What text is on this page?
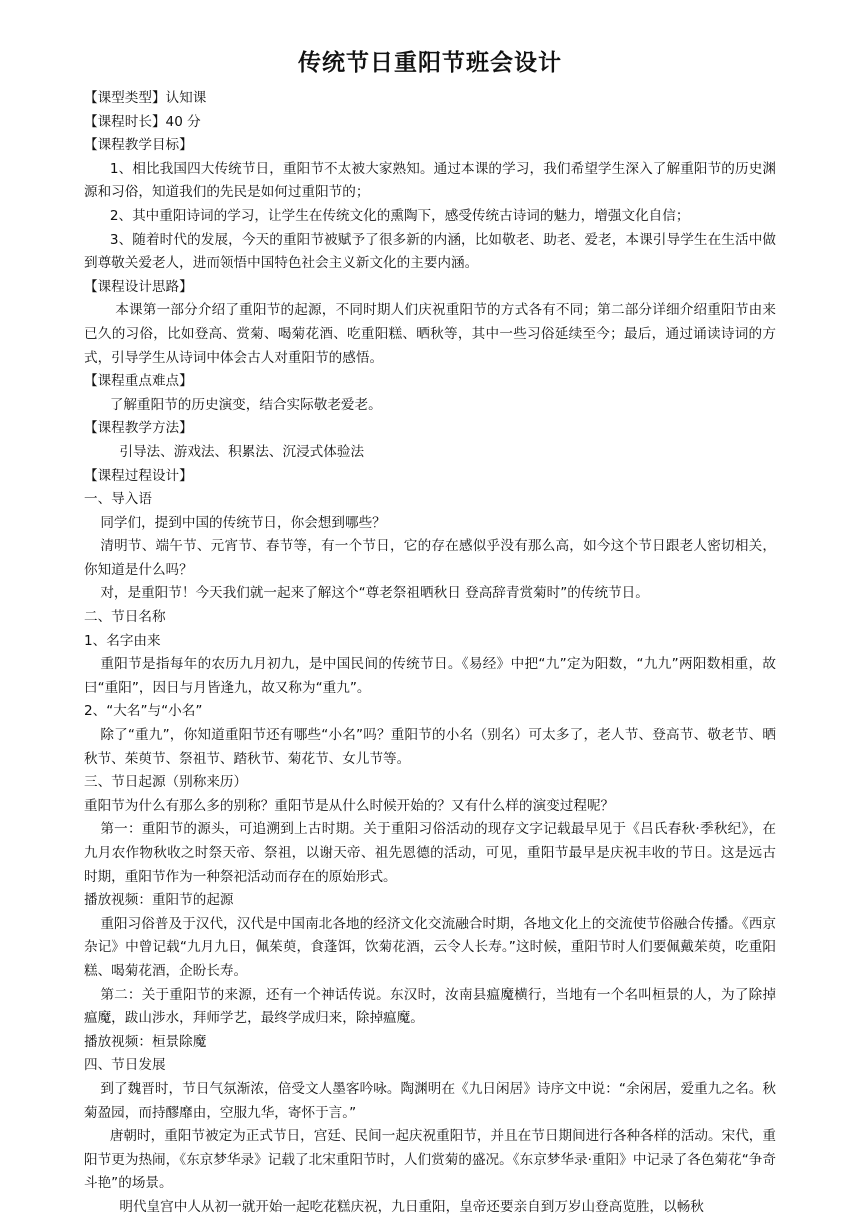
传统节日重阳节班会设计

【课型类型】认知课

【课程时长】40 分

【课程教学目标】

1、相比我国四大传统节日，重阳节不太被大家熟知。通过本课的学习，我们希望学生深入了解重阳节的历史渊源和习俗，知道我们的先民是如何过重阳节的；

2、其中重阳诗词的学习，让学生在传统文化的熏陶下，感受传统古诗词的魅力，增强文化自信；

3、随着时代的发展，今天的重阳节被赋予了很多新的内涵，比如敬老、助老、爱老，本课引导学生在生活中做到尊敬关爱老人，进而领悟中国特色社会主义新文化的主要内涵。

【课程设计思路】

本课第一部分介绍了重阳节的起源，不同时期人们庆祝重阳节的方式各有不同；第二部分详细介绍重阳节由来已久的习俗，比如登高、赏菊、喝菊花酒、吃重阳糕、晒秋等，其中一些习俗延续至今；最后，通过诵读诗词的方式，引导学生从诗词中体会古人对重阳节的感悟。

【课程重点难点】

了解重阳节的历史演变，结合实际敬老爱老。

【课程教学方法】

引导法、游戏法、积累法、沉浸式体验法

【课程过程设计】

一、导入语

同学们，提到中国的传统节日，你会想到哪些？

清明节、端午节、元宵节、春节等，有一个节日，它的存在感似乎没有那么高，如今这个节日跟老人密切相关，你知道是什么吗？

对，是重阳节！今天我们就一起来了解这个“尊老祭祖晒秋日 登高辞青赏菊时”的传统节日。

二、节日名称

1、名字由来

重阳节是指每年的农历九月初九，是中国民间的传统节日。《易经》中把“九”定为阳数，“九九”两阳数相重，故曰“重阳”，因日与月皆逢九，故又称为“重九”。

2、“大名”与“小名”

除了“重九”，你知道重阳节还有哪些“小名”吗？重阳节的小名（别名）可太多了，老人节、登高节、敬老节、晒秋节、茱萸节、祭祖节、踏秋节、菊花节、女儿节等。

三、节日起源（别称来历）

重阳节为什么有那么多的别称？重阳节是从什么时候开始的？又有什么样的演变过程呢？

第一：重阳节的源头，可追溯到上古时期。关于重阳习俗活动的现存文字记载最早见于《吕氏春秋·季秋纪》，在九月农作物秋收之时祭天帝、祭祖，以谢天帝、祖先恩德的活动，可见，重阳节最早是庆祝丰收的节日。这是远古时期，重阳节作为一种祭祀活动而存在的原始形式。

播放视频：重阳节的起源

重阳习俗普及于汉代，汉代是中国南北各地的经济文化交流融合时期，各地文化上的交流使节俗融合传播。《西京杂记》中曾记载“九月九日，佩茱萸，食蓬饵，饮菊花酒，云令人长寿。”这时候，重阳节时人们要佩戴茱萸，吃重阳糕、喝菊花酒，企盼长寿。

第二：关于重阳节的来源，还有一个神话传说。东汉时，汝南县瘟魔横行，当地有一个名叫桓景的人，为了除掉瘟魔，跋山涉水，拜师学艺，最终学成归来，除掉瘟魔。

播放视频：桓景除魔

四、节日发展

到了魏晋时，节日气氛渐浓，倍受文人墨客吟咏。陶渊明在《九日闲居》诗序文中说：“余闲居，爱重九之名。秋菊盈园，而持醪靡由，空服九华，寄怀于言。”

唐朝时，重阳节被定为正式节日，宫廷、民间一起庆祝重阳节，并且在节日期间进行各种各样的活动。宋代，重阳节更为热闹，《东京梦华录》记载了北宋重阳节时，人们赏菊的盛况。《东京梦华录·重阳》中记录了各色菊花“争奇斗艳”的场景。

明代皇宫中人从初一就开始一起吃花糕庆祝，九日重阳，皇帝还要亲自到万岁山登高览胜，以畅秋
